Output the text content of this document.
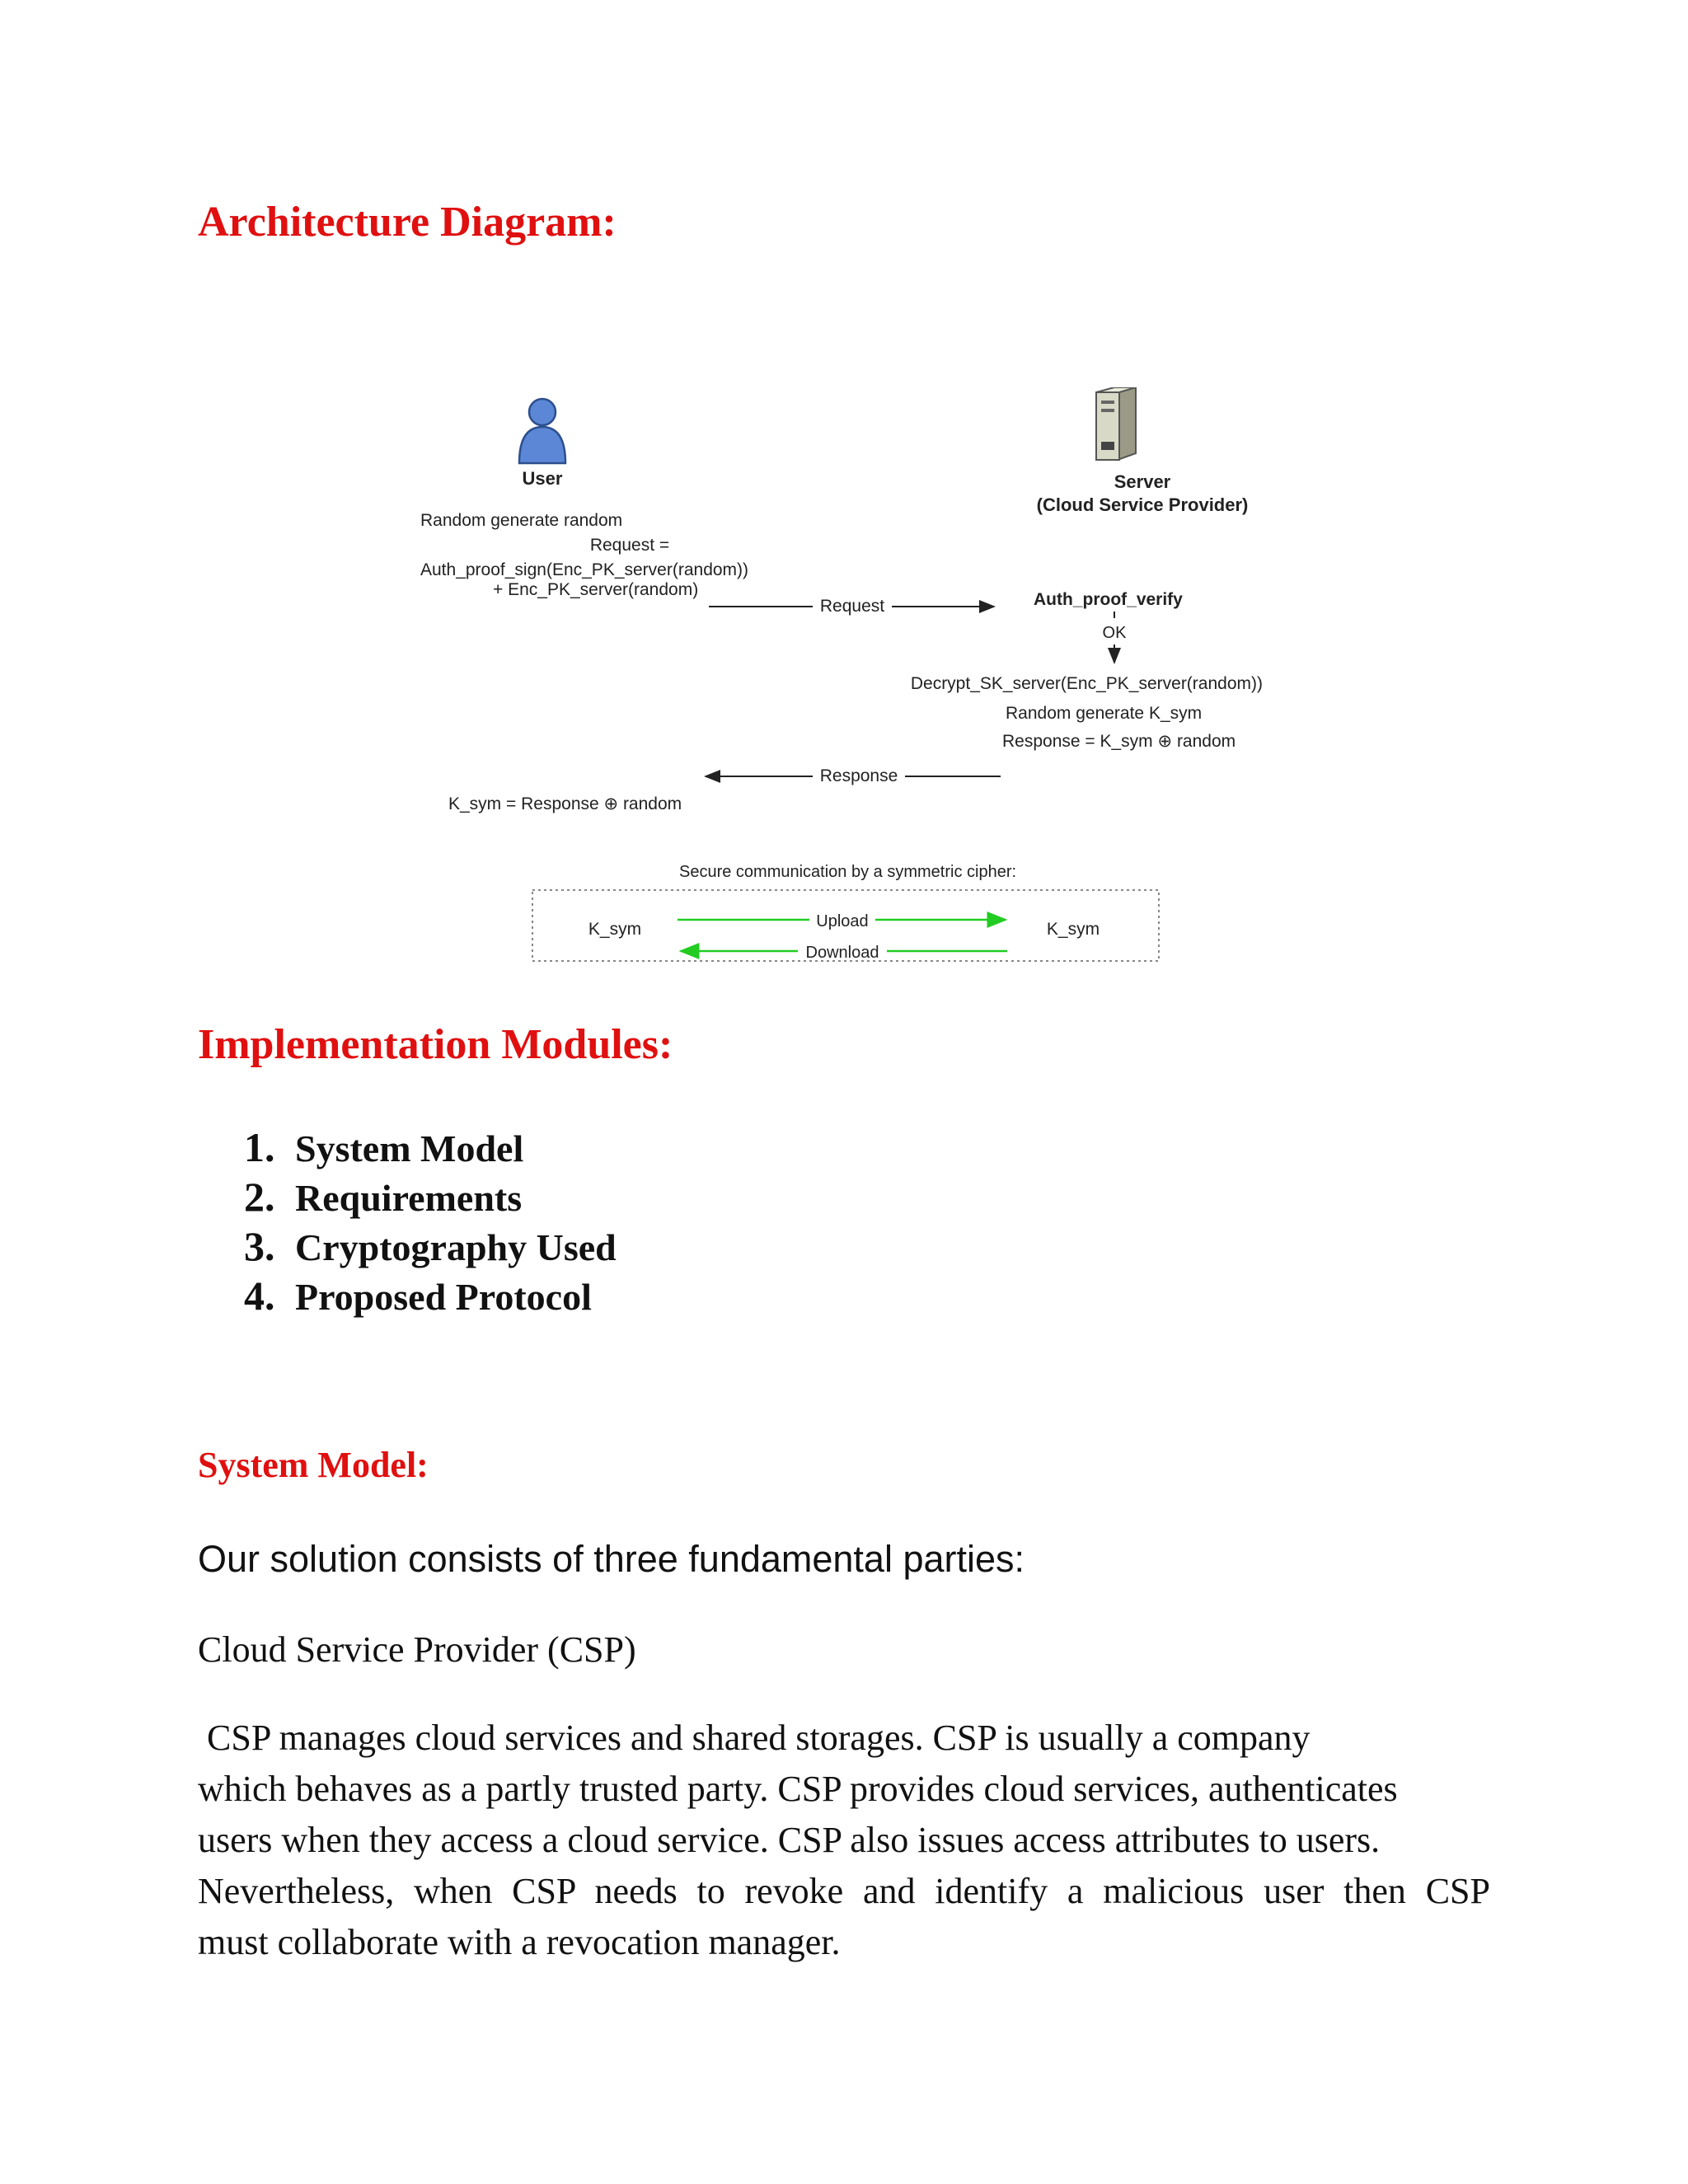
Architecture Diagram:
User	Server
(Cloud Service Provider)
Random generate random
Request =
Auth_proof_sign(Enc_PK_server(random))
+ Enc_PK_server(random)
Request	Auth_proof_verify
OK
Decrypt_SK_server(Enc_PK_server(random))
Random generate K_sym
Response = K_sym ⊕ random
Response
K_sym = Response ⊕ random
Secure communication by a symmetric cipher:
K_sym	K_sym
Upload
Download
Implementation Modules:
1. System Model
2. Requirements
3. Cryptography Used
4. Proposed Protocol
System Model:

Our solution consists of three fundamental parties:

Cloud Service Provider (CSP)

CSP manages cloud services and shared storages. CSP is usually a company
which behaves as a partly trusted party. CSP provides cloud services, authenticates
users when they access a cloud service. CSP also issues access attributes to users.
Nevertheless, when CSP needs to revoke and identify a malicious user then CSP
must collaborate with a revocation manager.
